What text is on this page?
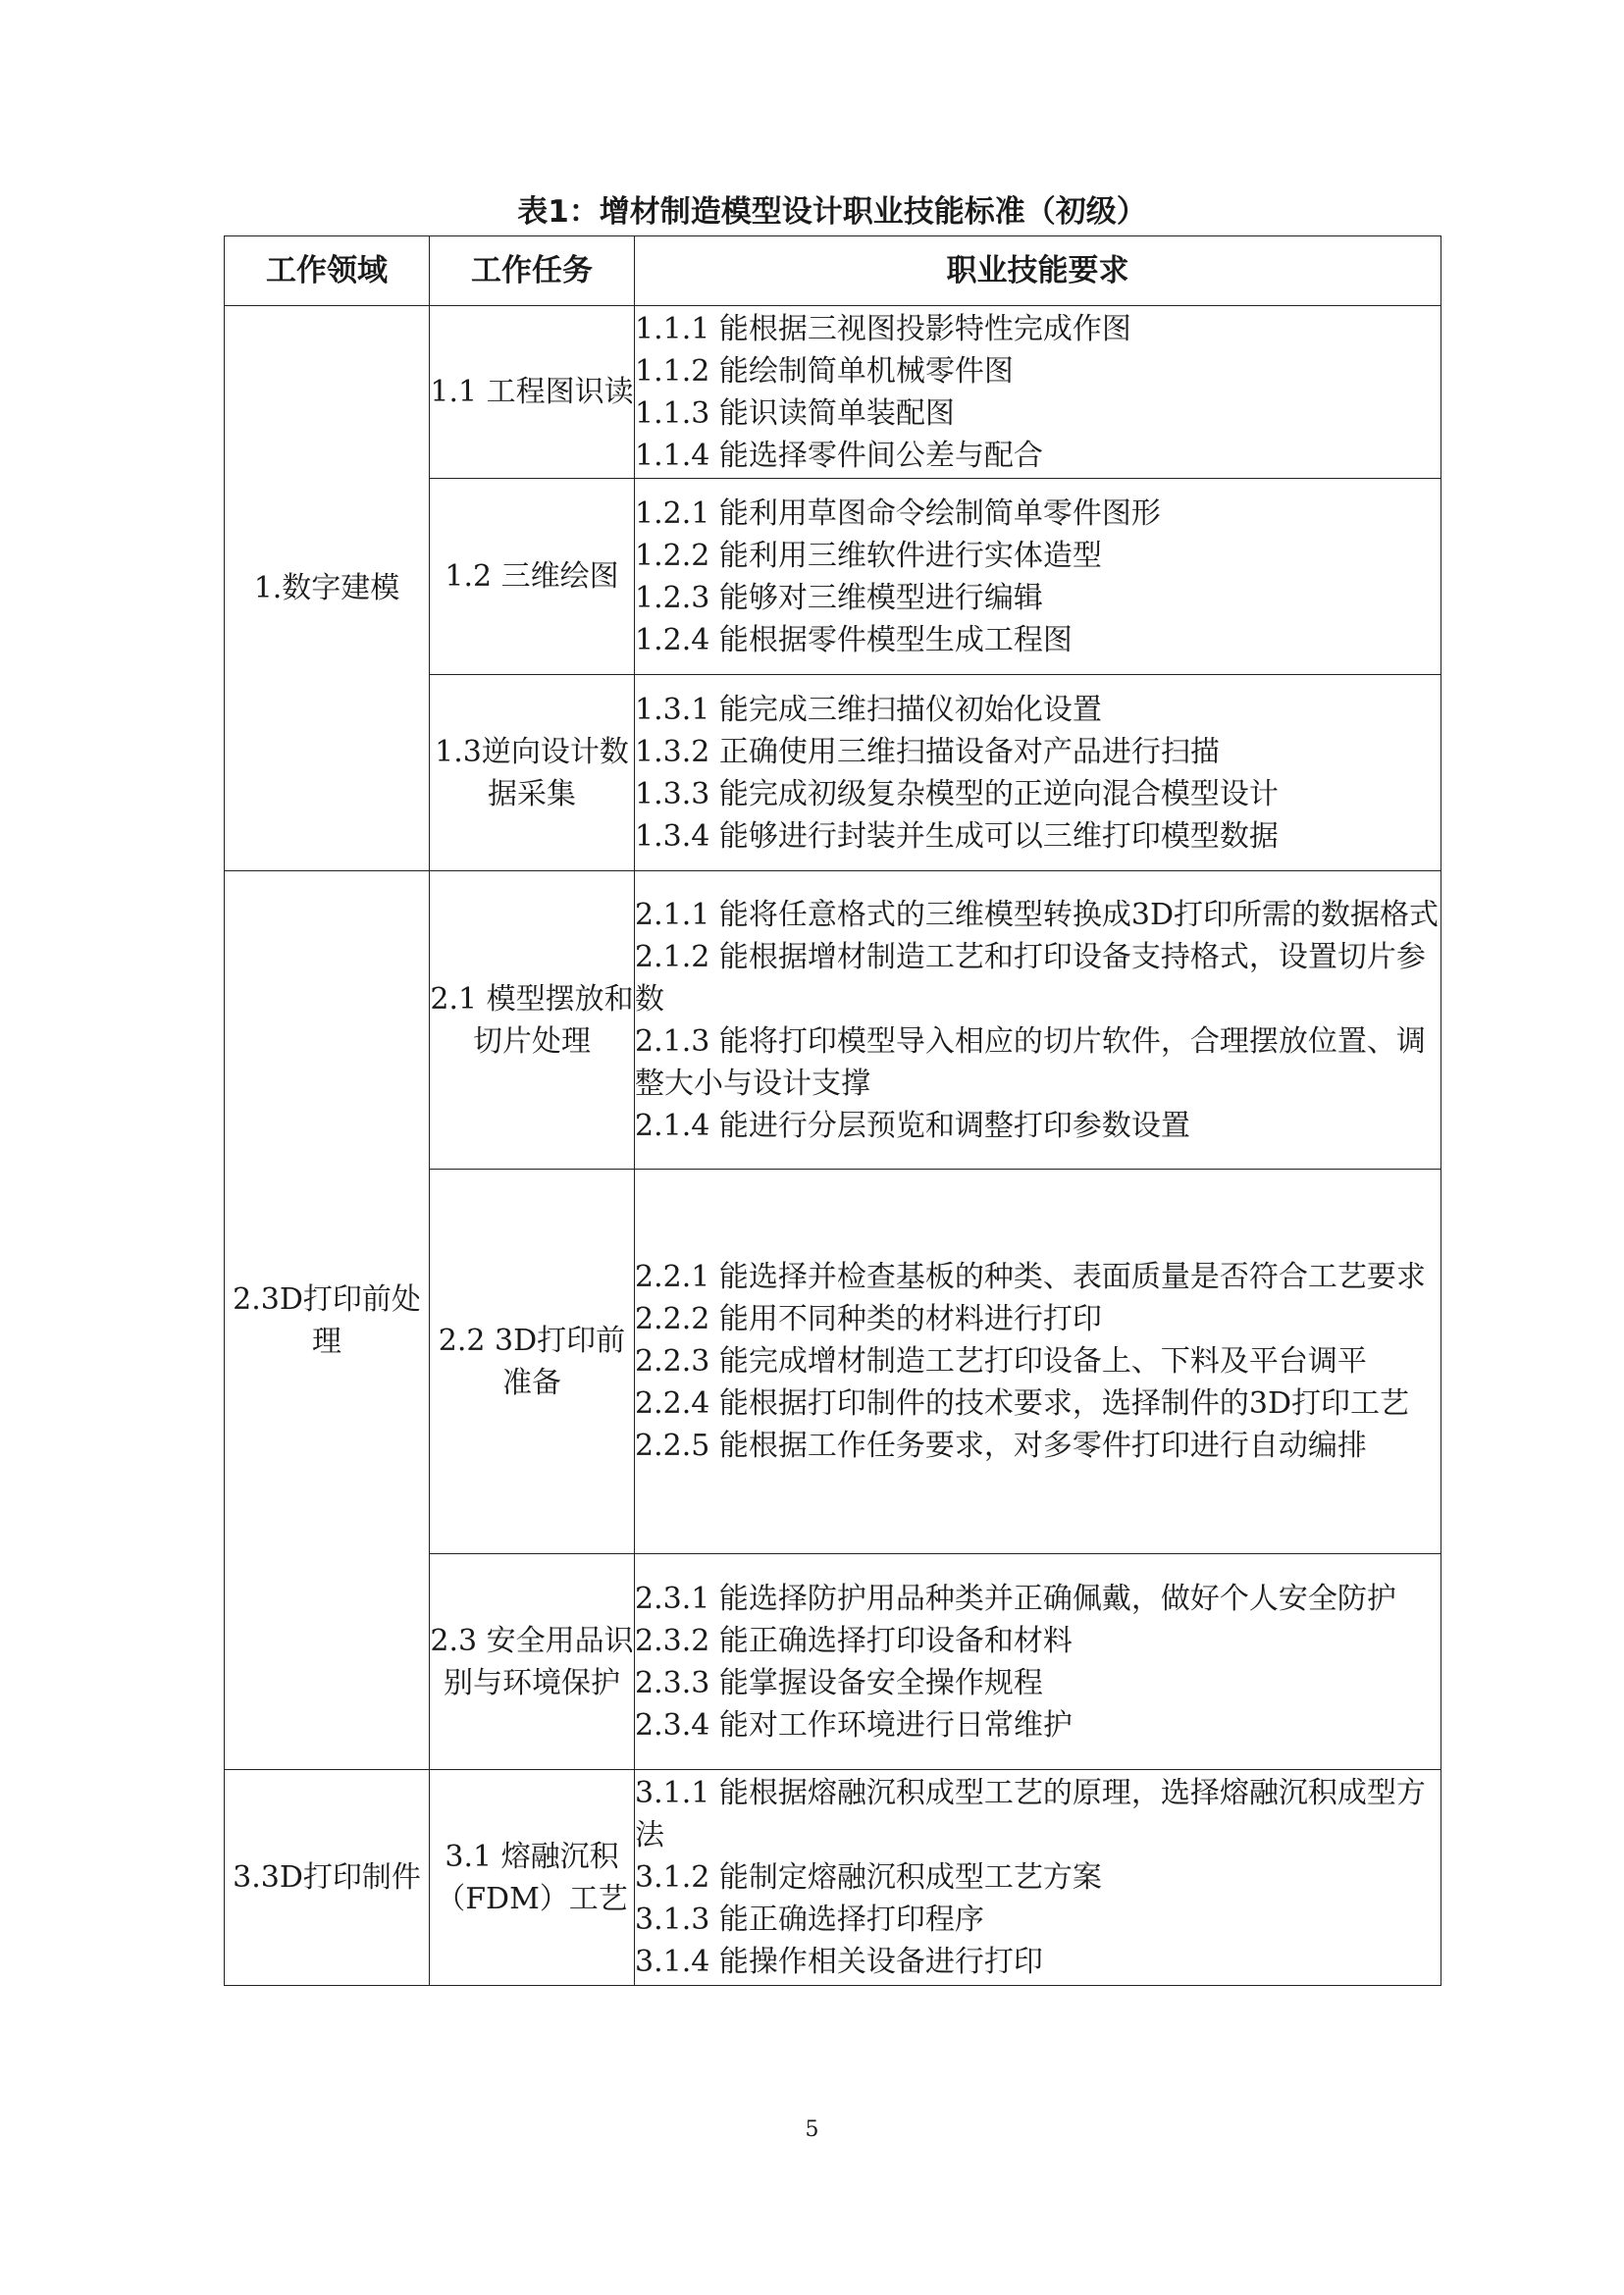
表1：增材制造模型设计职业技能标准（初级）
工作领域	工作任务	职业技能要求
1.数字建模	1.1 工程图识读	1.1.1 能根据三视图投影特性完成作图
1.1.2 能绘制简单机械零件图
1.1.3 能识读简单装配图
1.1.4 能选择零件间公差与配合

	1.2 三维绘图	1.2.1 能利用草图命令绘制简单零件图形
1.2.2 能利用三维软件进行实体造型
1.2.3 能够对三维模型进行编辑
1.2.4 能根据零件模型生成工程图

	1.3逆向设计数据采集	1.3.1 能完成三维扫描仪初始化设置
1.3.2 正确使用三维扫描设备对产品进行扫描
1.3.3 能完成初级复杂模型的正逆向混合模型设计
1.3.4 能够进行封装并生成可以三维打印模型数据

2.3D打印前处理	2.1 模型摆放和切片处理	2.1.1 能将任意格式的三维模型转换成3D打印所需的数据格式
2.1.2 能根据增材制造工艺和打印设备支持格式，设置切片参数
2.1.3 能将打印模型导入相应的切片软件，合理摆放位置、调整大小与设计支撑
2.1.4 能进行分层预览和调整打印参数设置

	2.2 3D打印前准备	2.2.1 能选择并检查基板的种类、表面质量是否符合工艺要求
2.2.2 能用不同种类的材料进行打印
2.2.3 能完成增材制造工艺打印设备上、下料及平台调平
2.2.4 能根据打印制件的技术要求，选择制件的3D打印工艺
2.2.5 能根据工作任务要求，对多零件打印进行自动编排

	2.3 安全用品识别与环境保护	2.3.1 能选择防护用品种类并正确佩戴，做好个人安全防护
2.3.2 能正确选择打印设备和材料
2.3.3 能掌握设备安全操作规程
2.3.4 能对工作环境进行日常维护

3.3D打印制件	3.1 熔融沉积（FDM）工艺	3.1.1 能根据熔融沉积成型工艺的原理，选择熔融沉积成型方法
3.1.2 能制定熔融沉积成型工艺方案
3.1.3 能正确选择打印程序
3.1.4 能操作相关设备进行打印
5
